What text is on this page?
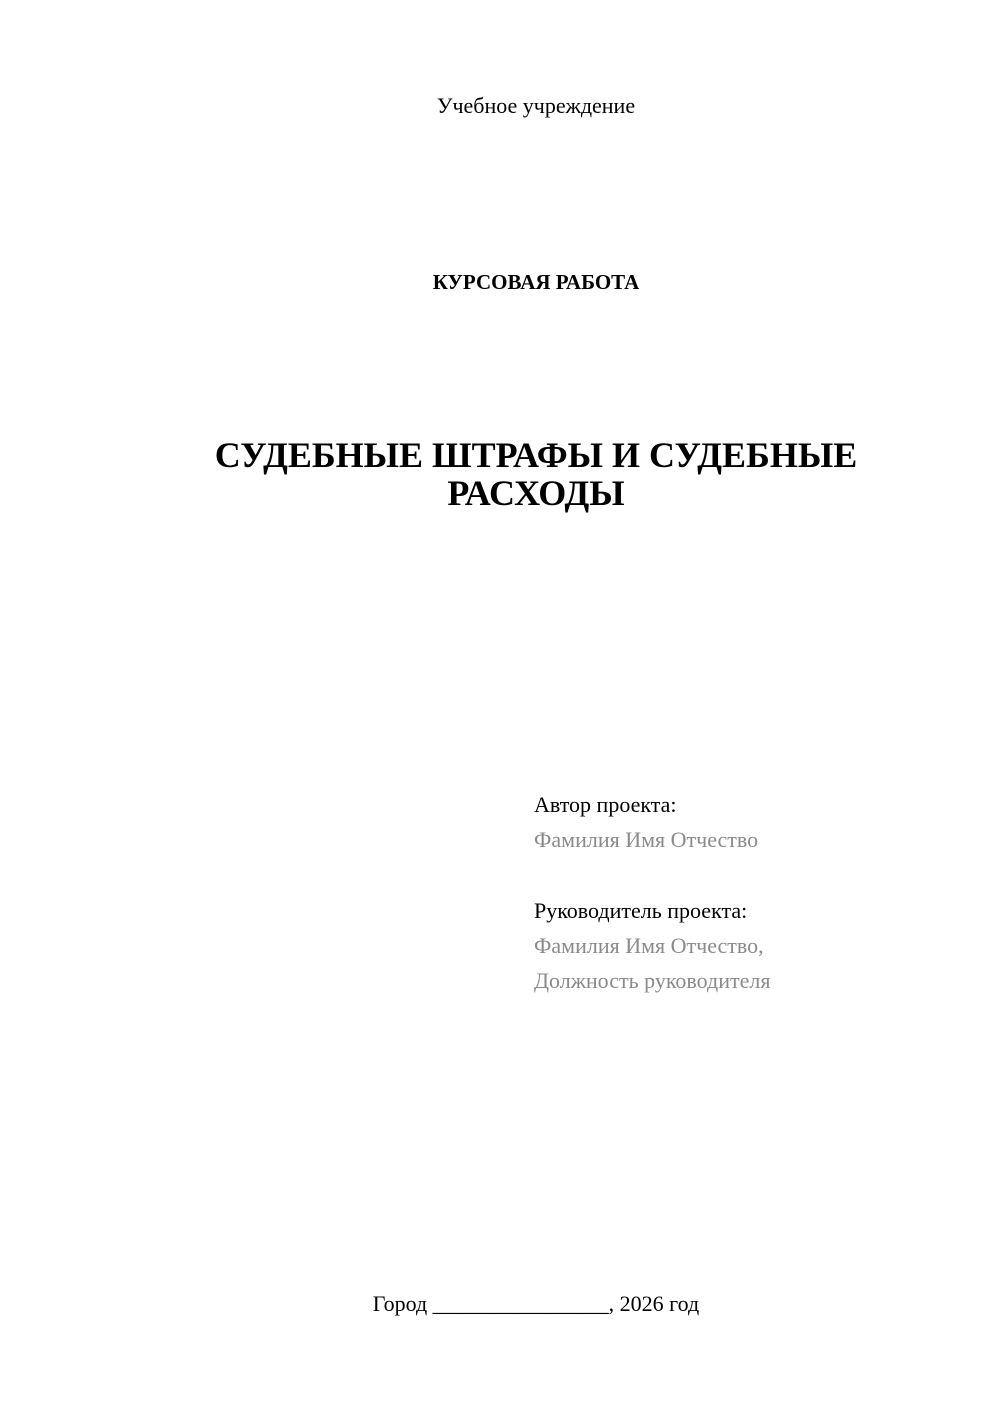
Учебное учреждение
КУРСОВАЯ РАБОТА
СУДЕБНЫЕ ШТРАФЫ И СУДЕБНЫЕ
РАСХОДЫ
Автор проекта:
Фамилия Имя Отчество
Руководитель проекта:
Фамилия Имя Отчество,
Должность руководителя
Город ________________, 2026 год
